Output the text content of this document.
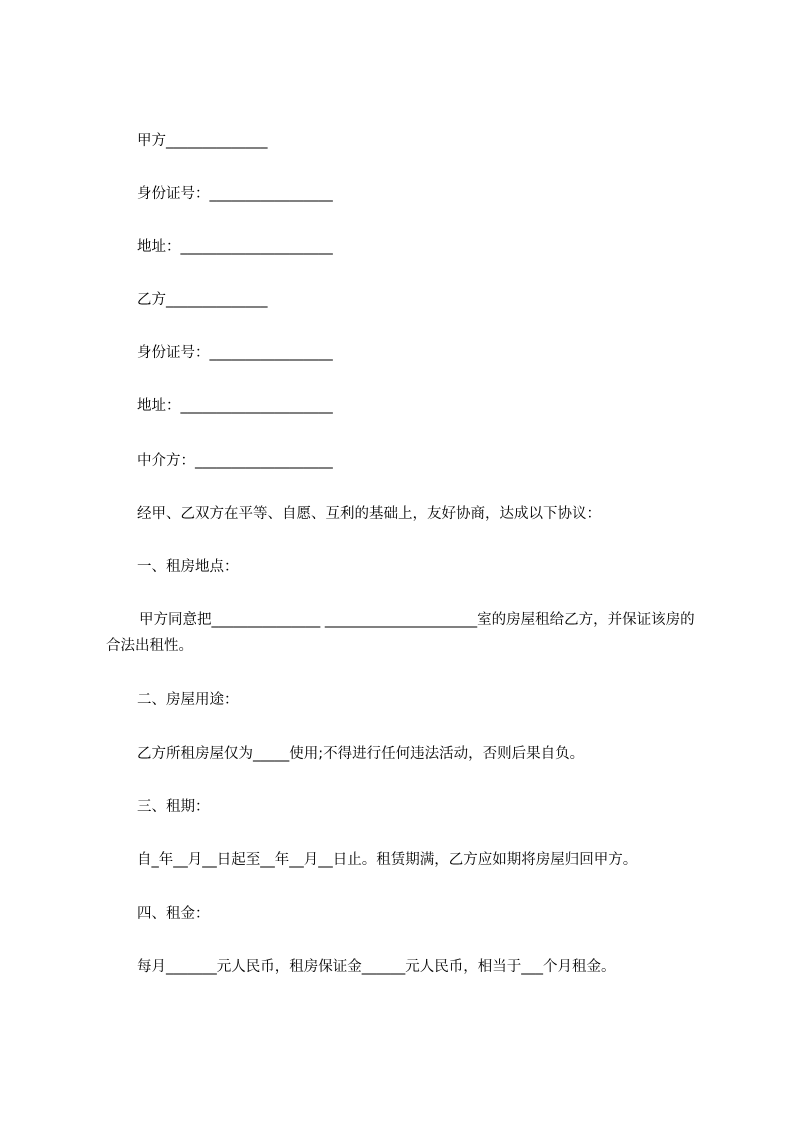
甲方______________
身份证号：_________________
地址：_____________________
乙方______________
身份证号：_________________
地址：_____________________
中介方：___________________
经甲、乙双方在平等、自愿、互利的基础上，友好协商，达成以下协议：
一、租房地点：
甲方同意把_______________ _____________________室的房屋租给乙方，并保证该房的合法出租性。
二、房屋用途：
乙方所租房屋仅为_____使用;不得进行任何违法活动，否则后果自负。
三、租期：
自_年__月__日起至__年__月__日止。租赁期满，乙方应如期将房屋归回甲方。
四、租金：
每月_______元人民币，租房保证金______元人民币，相当于___个月租金。
